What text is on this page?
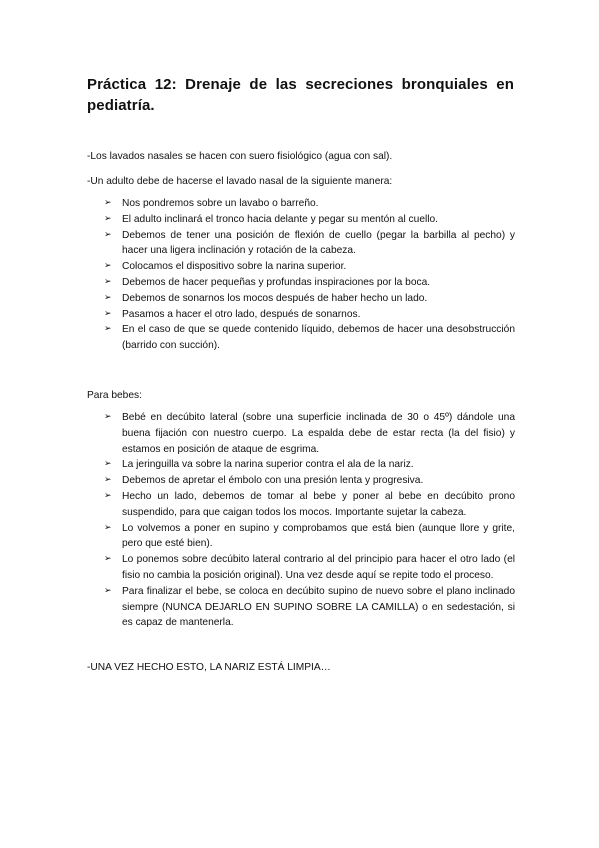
Práctica 12: Drenaje de las secreciones bronquiales en pediatría.

-Los lavados nasales se hacen con suero fisiológico (agua con sal).

-Un adulto debe de hacerse el lavado nasal de la siguiente manera:

➢ Nos pondremos sobre un lavabo o barreño.
➢ El adulto inclinará el tronco hacia delante y pegar su mentón al cuello.
➢ Debemos de tener una posición de flexión de cuello (pegar la barbilla al pecho) y hacer una ligera inclinación y rotación de la cabeza.
➢ Colocamos el dispositivo sobre la narina superior.
➢ Debemos de hacer pequeñas y profundas inspiraciones por la boca.
➢ Debemos de sonarnos los mocos después de haber hecho un lado.
➢ Pasamos a hacer el otro lado, después de sonarnos.
➢ En el caso de que se quede contenido líquido, debemos de hacer una desobstrucción (barrido con succión).

Para bebes:

➢ Bebé en decúbito lateral (sobre una superficie inclinada de 30 o 45º) dándole una buena fijación con nuestro cuerpo. La espalda debe de estar recta (la del fisio) y estamos en posición de ataque de esgrima.
➢ La jeringuilla va sobre la narina superior contra el ala de la nariz.
➢ Debemos de apretar el émbolo con una presión lenta y progresiva.
➢ Hecho un lado, debemos de tomar al bebe y poner al bebe en decúbito prono suspendido, para que caigan todos los mocos. Importante sujetar la cabeza.
➢ Lo volvemos a poner en supino y comprobamos que está bien (aunque llore y grite, pero que esté bien).
➢ Lo ponemos sobre decúbito lateral contrario al del principio para hacer el otro lado (el fisio no cambia la posición original). Una vez desde aquí se repite todo el proceso.
➢ Para finalizar el bebe, se coloca en decúbito supino de nuevo sobre el plano inclinado siempre (NUNCA DEJARLO EN SUPINO SOBRE LA CAMILLA) o en sedestación, si es capaz de mantenerla.

-UNA VEZ HECHO ESTO, LA NARIZ ESTÁ LIMPIA…
